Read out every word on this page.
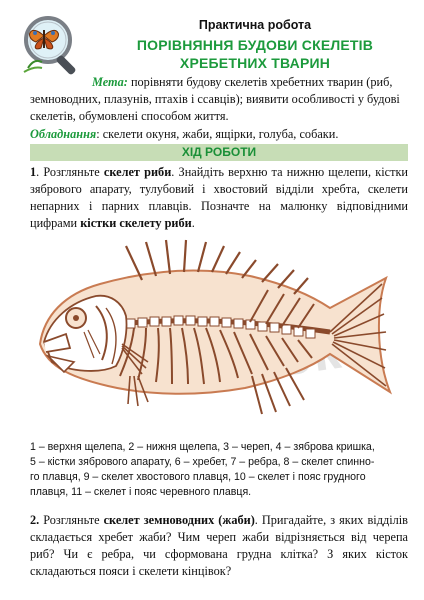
Практична робота
ПОРІВНЯННЯ БУДОВИ СКЕЛЕТІВ
ХРЕБЕТНИХ ТВАРИН

Мета: порівняти будову скелетів хребетних тварин (риб, земноводних, плазунів, птахів і ссавців); виявити особливості у будові скелетів, обумовлені способом життя.

Обладнання: скелети окуня, жаби, ящірки, голуба, собаки.

ХІД РОБОТИ

1. Розгляньте скелет риби. Знайдіть верхню та нижню щелепи, кістки зябрового апарату, тулубовий і хвостовий відділи хребта, скелети непарних і парних плавців. Позначте на малюнку відповідними цифрами кістки скелету риби.

1 – верхня щелепа, 2 – нижня щелепа, 3 – череп, 4 – зяброва кришка,
5 – кістки зябрового апарату, 6 – хребет, 7 – ребра, 8 – скелет спинно-
го плавця, 9 – скелет хвостового плавця, 10 – скелет і пояс грудного
плавця, 11 – скелет і пояс черевного плавця.

2. Розгляньте скелет земноводних (жаби). Пригадайте, з яких відділів складається хребет жаби? Чим череп жаби відрізняється від черепа риб? Чи є ребра, чи сформована грудна клітка? З яких кісток складаються пояси і скелети кінцівок?
